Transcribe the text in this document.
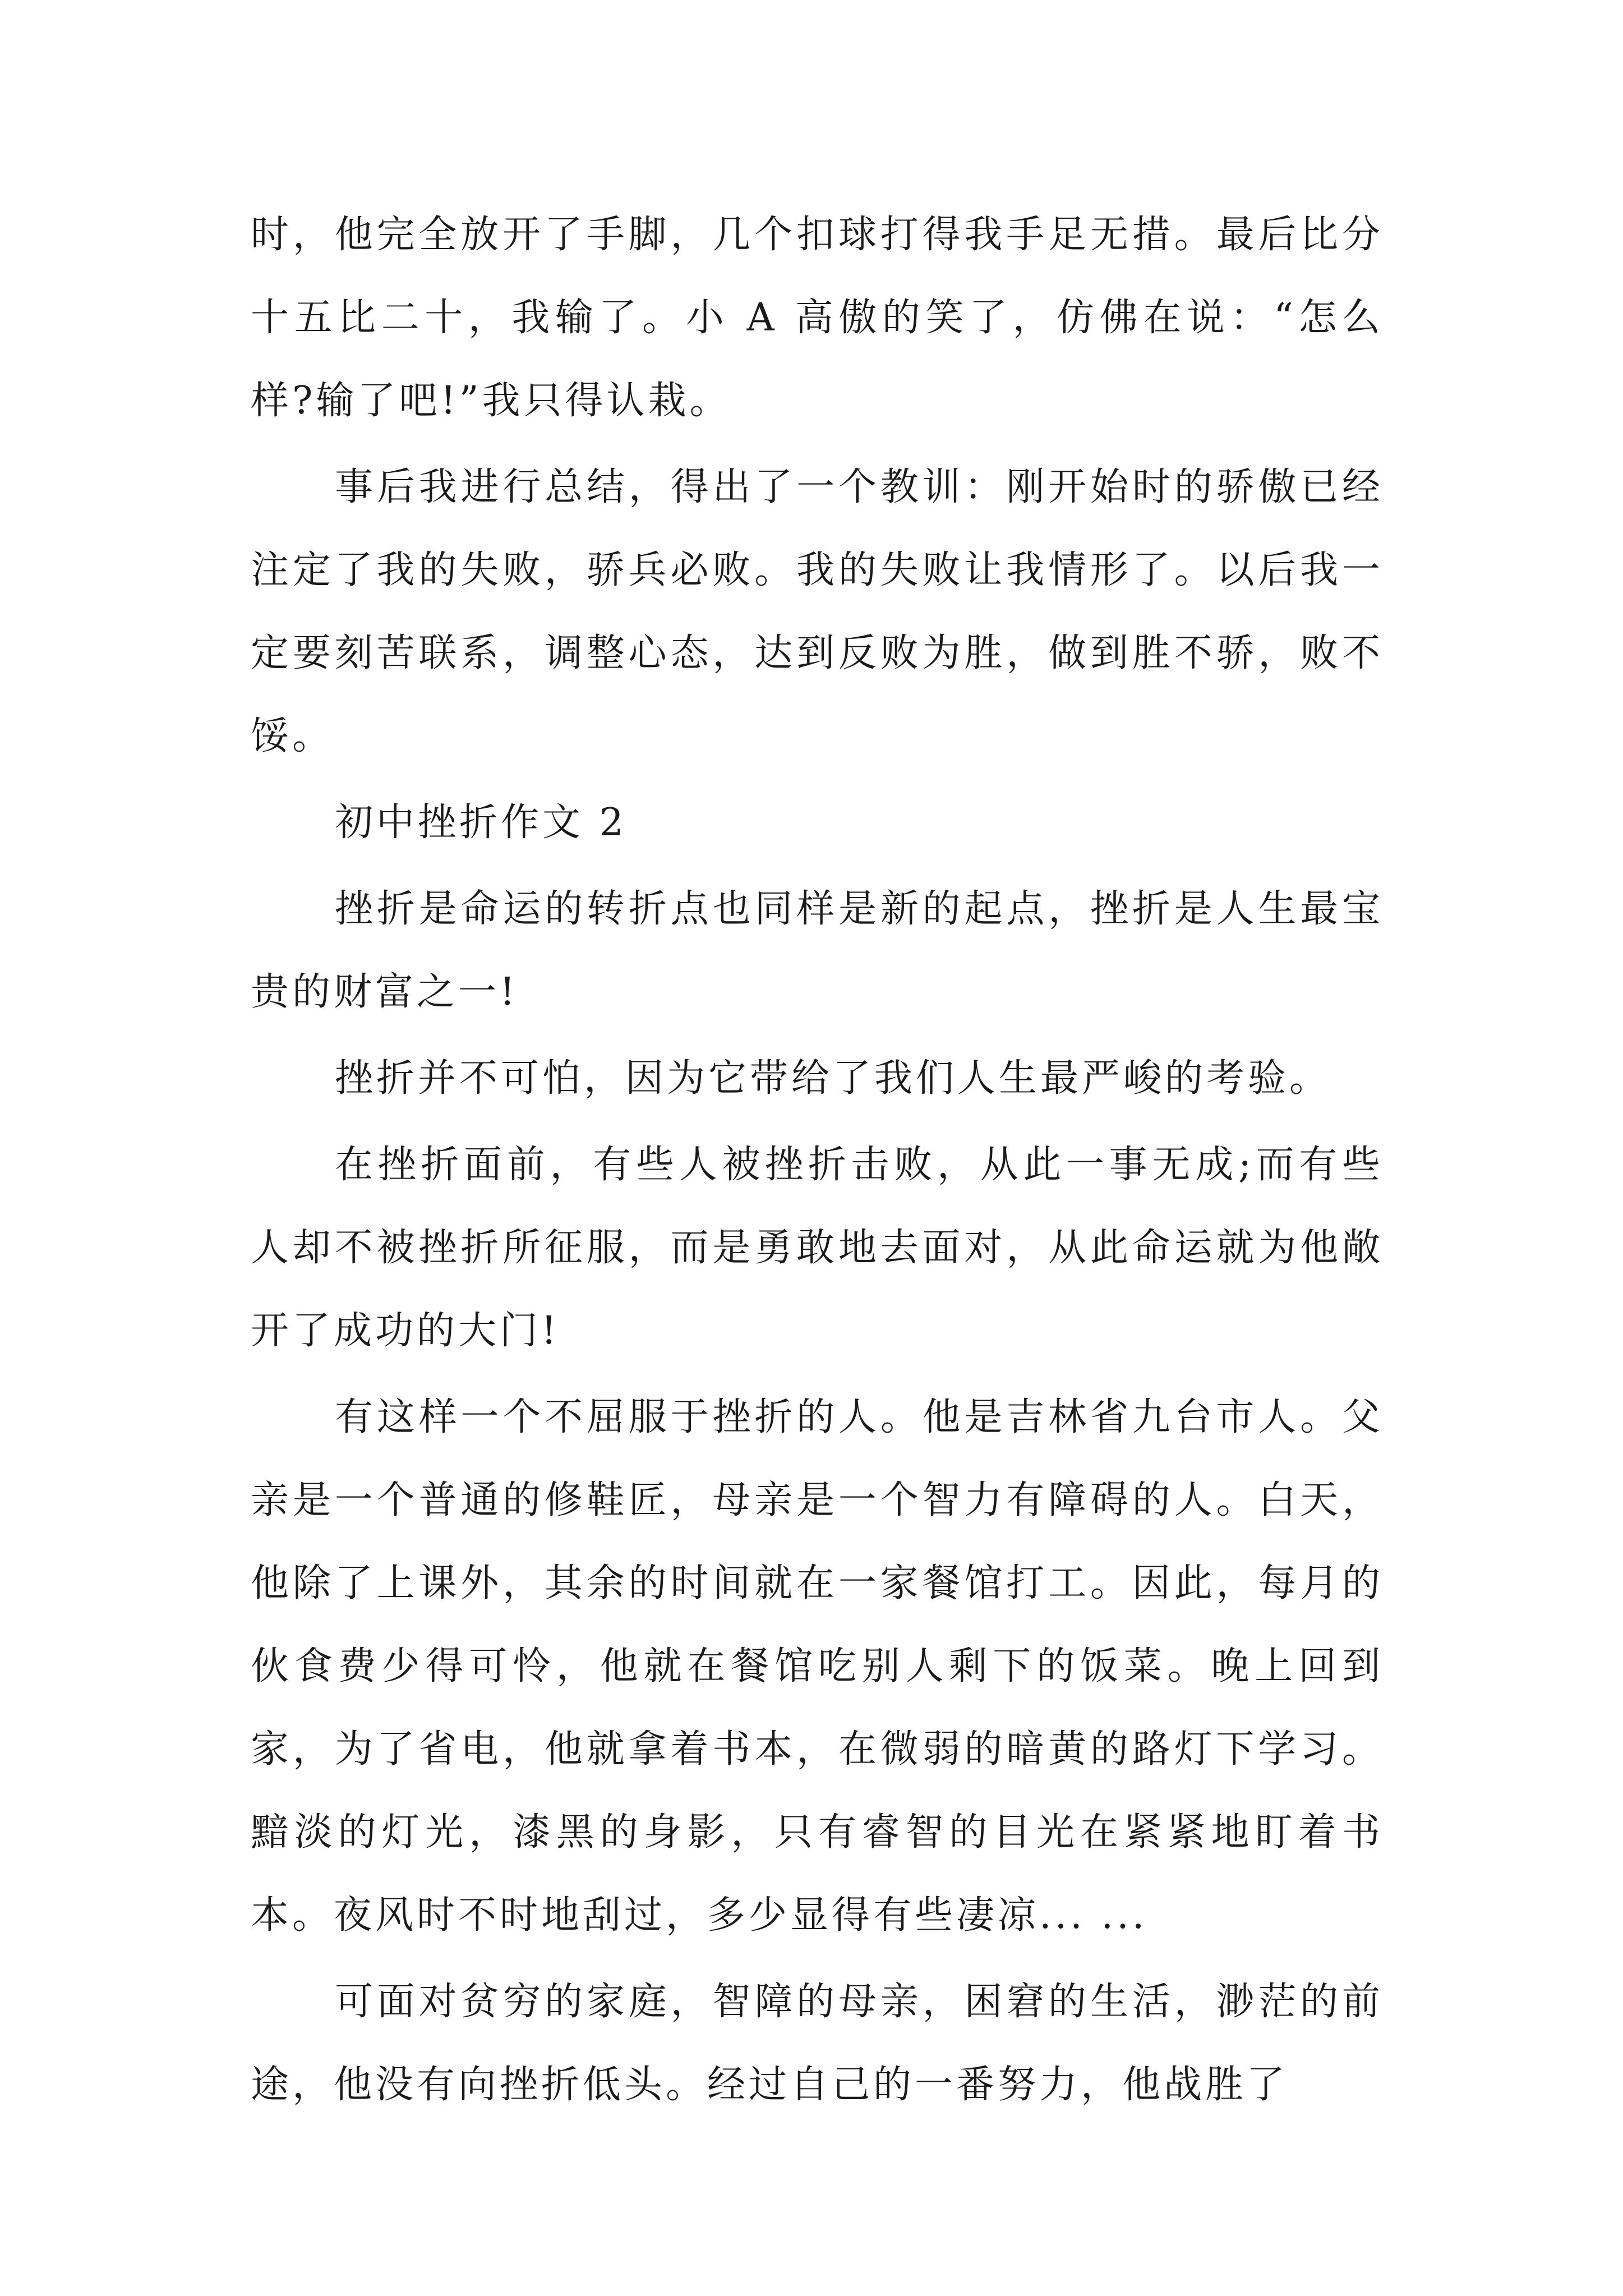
时，他完全放开了手脚，几个扣球打得我手足无措。最后比分十五比二十，我输了。小 A 高傲的笑了，仿佛在说：“怎么样?输了吧!”我只得认栽。

事后我进行总结，得出了一个教训：刚开始时的骄傲已经注定了我的失败，骄兵必败。我的失败让我情形了。以后我一定要刻苦联系，调整心态，达到反败为胜，做到胜不骄，败不馁。

初中挫折作文 2

挫折是命运的转折点也同样是新的起点，挫折是人生最宝贵的财富之一!

挫折并不可怕，因为它带给了我们人生最严峻的考验。

在挫折面前，有些人被挫折击败，从此一事无成;而有些人却不被挫折所征服，而是勇敢地去面对，从此命运就为他敞开了成功的大门!

有这样一个不屈服于挫折的人。他是吉林省九台市人。父亲是一个普通的修鞋匠，母亲是一个智力有障碍的人。白天，他除了上课外，其余的时间就在一家餐馆打工。因此，每月的伙食费少得可怜，他就在餐馆吃别人剩下的饭菜。晚上回到家，为了省电，他就拿着书本，在微弱的暗黄的路灯下学习。黯淡的灯光，漆黑的身影，只有睿智的目光在紧紧地盯着书本。夜风时不时地刮过，多少显得有些凄凉... ...

可面对贫穷的家庭，智障的母亲，困窘的生活，渺茫的前途，他没有向挫折低头。经过自己的一番努力，他战胜了
